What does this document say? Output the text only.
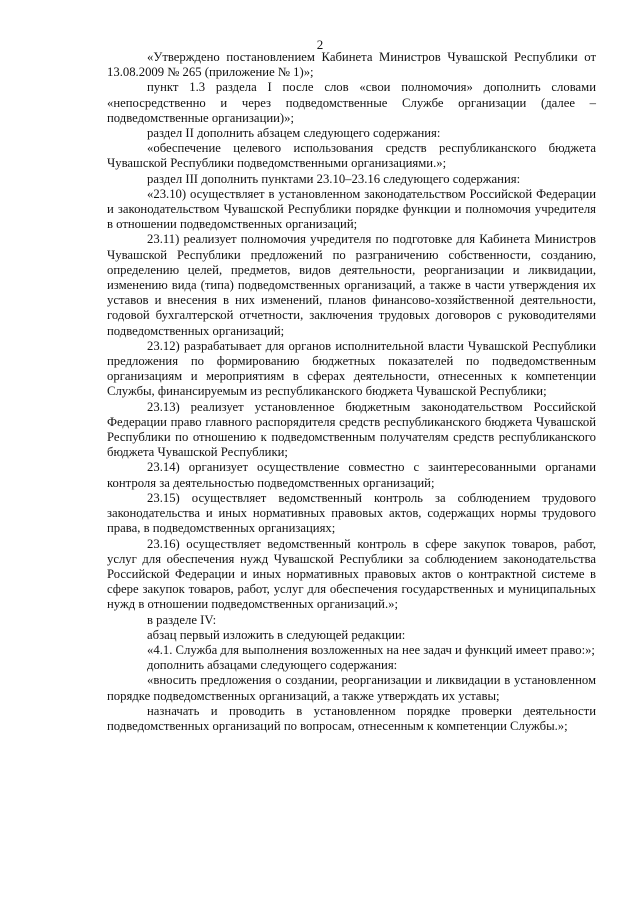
2

«Утверждено постановлением Кабинета Министров Чувашской Республики от 13.08.2009 № 265 (приложение № 1)»;

пункт 1.3 раздела I после слов «свои полномочия» дополнить словами «непосредственно и через подведомственные Службе организации (далее – подведомственные организации)»;

раздел II дополнить абзацем следующего содержания:

«обеспечение целевого использования средств республиканского бюджета Чувашской Республики подведомственными организациями.»;

раздел III дополнить пунктами 23.10–23.16 следующего содержания:

«23.10) осуществляет в установленном законодательством Российской Федерации и законодательством Чувашской Республики порядке функции и полномочия учредителя в отношении подведомственных организаций;

23.11) реализует полномочия учредителя по подготовке для Кабинета Министров Чувашской Республики предложений по разграничению собственности, созданию, определению целей, предметов, видов деятельности, реорганизации и ликвидации, изменению вида (типа) подведомственных организаций, а также в части утверждения их уставов и внесения в них изменений, планов финансово-хозяйственной деятельности, годовой бухгалтерской отчетности, заключения трудовых договоров с руководителями подведомственных организаций;

23.12) разрабатывает для органов исполнительной власти Чувашской Республики предложения по формированию бюджетных показателей по подведомственным организациям и мероприятиям в сферах деятельности, отнесенных к компетенции Службы, финансируемым из республиканского бюджета Чувашской Республики;

23.13) реализует установленное бюджетным законодательством Российской Федерации право главного распорядителя средств республиканского бюджета Чувашской Республики по отношению к подведомственным получателям средств республиканского бюджета Чувашской Республики;

23.14) организует осуществление совместно с заинтересованными органами контроля за деятельностью подведомственных организаций;

23.15) осуществляет ведомственный контроль за соблюдением трудового законодательства и иных нормативных правовых актов, содержащих нормы трудового права, в подведомственных организациях;

23.16) осуществляет ведомственный контроль в сфере закупок товаров, работ, услуг для обеспечения нужд Чувашской Республики за соблюдением законодательства Российской Федерации и иных нормативных правовых актов о контрактной системе в сфере закупок товаров, работ, услуг для обеспечения государственных и муниципальных нужд в отношении подведомственных организаций.»;

в разделе IV:

абзац первый изложить в следующей редакции:

«4.1. Служба для выполнения возложенных на нее задач и функций имеет право:»;

дополнить абзацами следующего содержания:

«вносить предложения о создании, реорганизации и ликвидации в установленном порядке подведомственных организаций, а также утверждать их уставы;

назначать и проводить в установленном порядке проверки деятельности подведомственных организаций по вопросам, отнесенным к компетенции Службы.»;
